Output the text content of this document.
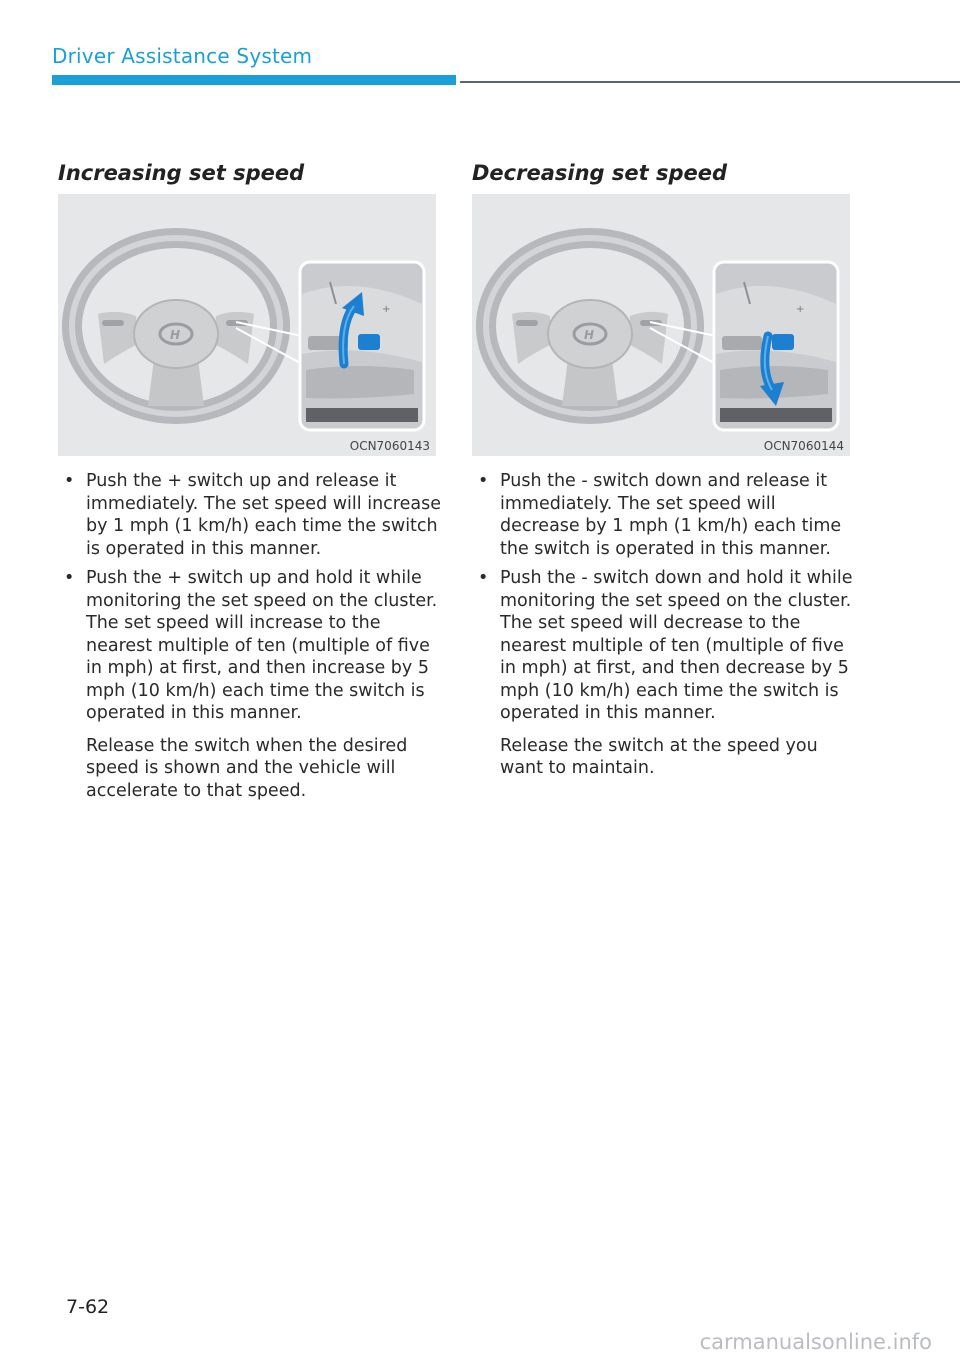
Driver Assistance System
Increasing set speed
H
+
OCN7060143
• Push the + switch up and release it immediately. The set speed will increase by 1 mph (1 km/h) each time the switch is operated in this manner.

• Push the + switch up and hold it while monitoring the set speed on the cluster. The set speed will increase to the nearest multiple of ten (multiple of five in mph) at first, and then increase by 5 mph (10 km/h) each time the switch is operated in this manner.

Release the switch when the desired speed is shown and the vehicle will accelerate to that speed.

Decreasing set speed
H
+
OCN7060144
• Push the - switch down and release it immediately. The set speed will decrease by 1 mph (1 km/h) each time the switch is operated in this manner.

• Push the - switch down and hold it while monitoring the set speed on the cluster. The set speed will decrease to the nearest multiple of ten (multiple of five in mph) at first, and then decrease by 5 mph (10 km/h) each time the switch is operated in this manner.

Release the switch at the speed you want to maintain.

7-62
carmanualsonline.info
